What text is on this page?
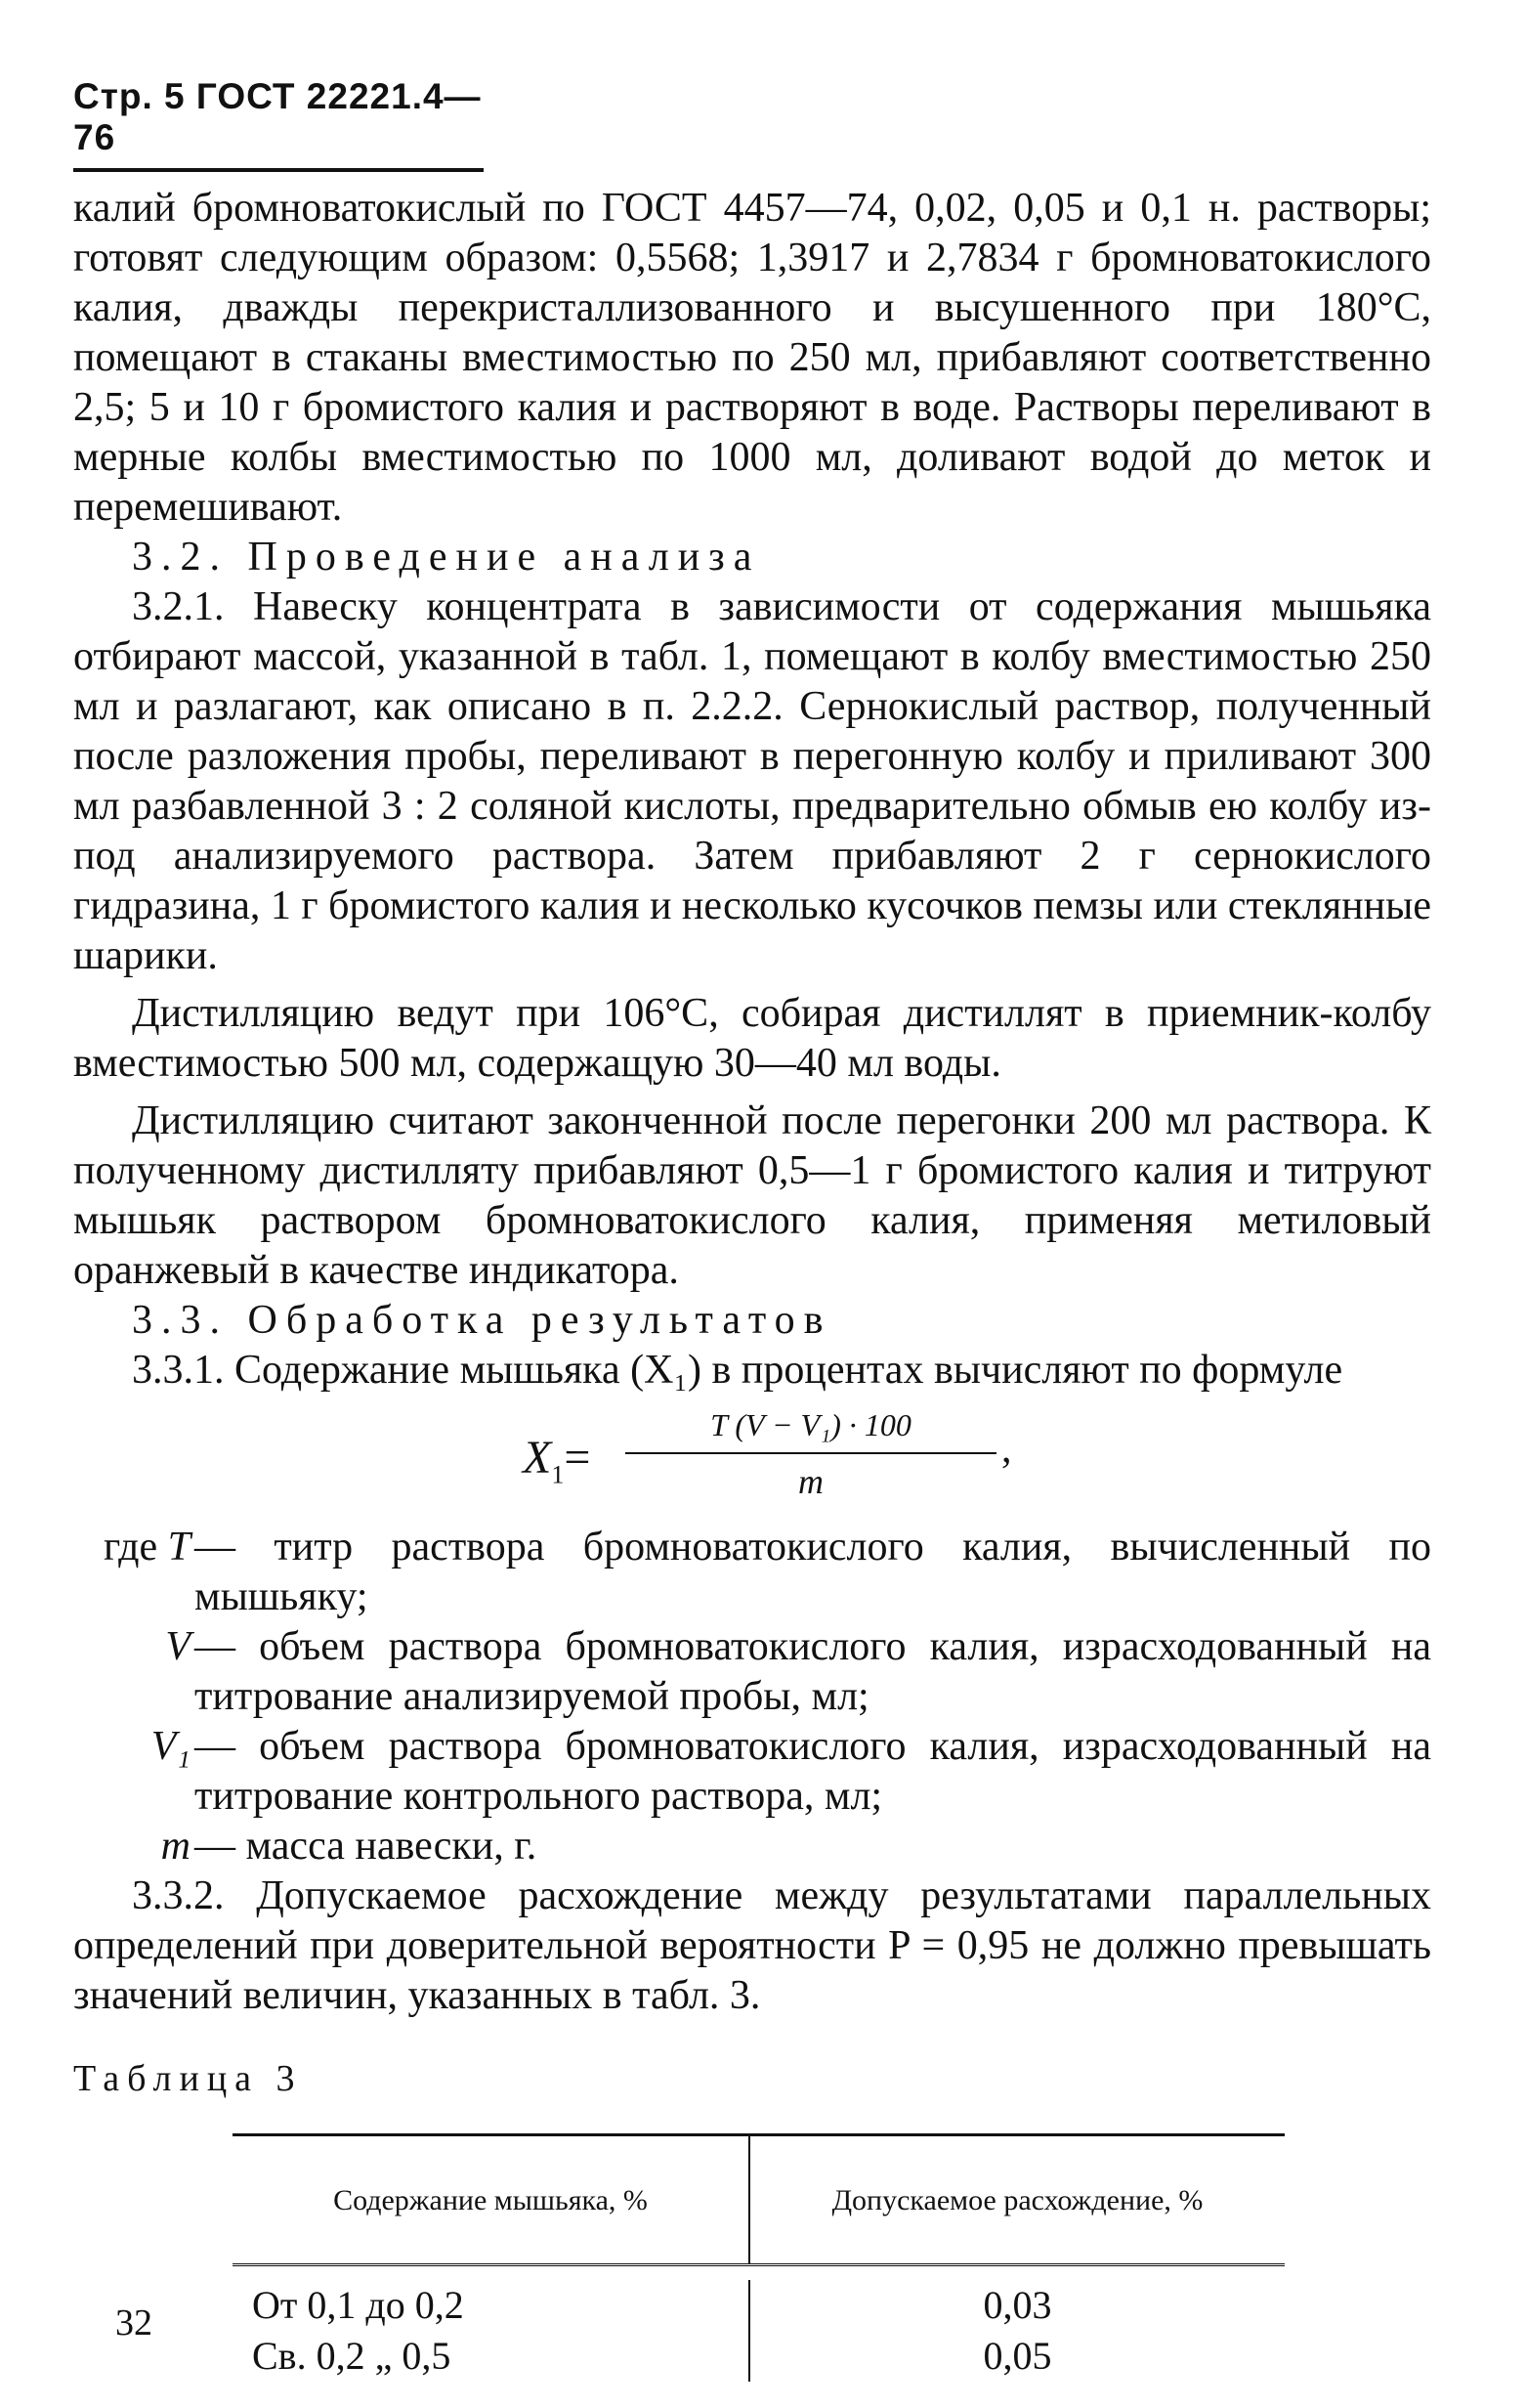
Стр. 5 ГОСТ 22221.4—76

калий бромноватокислый по ГОСТ 4457—74, 0,02, 0,05 и 0,1 н. растворы; готовят следующим образом: 0,5568; 1,3917 и 2,7834 г бромноватокислого калия, дважды перекристаллизованного и высушенного при 180°С, помещают в стаканы вместимостью по 250 мл, прибавляют соответственно 2,5; 5 и 10 г бромистого калия и растворяют в воде. Растворы переливают в мерные колбы вместимостью по 1000 мл, доливают водой до меток и перемешивают.

3.2. Проведение анализа

3.2.1. Навеску концентрата в зависимости от содержания мышьяка отбирают массой, указанной в табл. 1, помещают в колбу вместимостью 250 мл и разлагают, как описано в п. 2.2.2. Сернокислый раствор, полученный после разложения пробы, переливают в перегонную колбу и приливают 300 мл разбавленной 3 : 2 соляной кислоты, предварительно обмыв ею колбу из-под анализируемого раствора. Затем прибавляют 2 г сернокислого гидразина, 1 г бромистого калия и несколько кусочков пемзы или стеклянные шарики.

Дистилляцию ведут при 106°С, собирая дистиллят в приемник-колбу вместимостью 500 мл, содержащую 30—40 мл воды.

Дистилляцию считают законченной после перегонки 200 мл раствора. К полученному дистилляту прибавляют 0,5—1 г бромистого калия и титруют мышьяк раствором бромноватокислого калия, применяя метиловый оранжевый в качестве индикатора.

3.3. Обработка результатов

3.3.1. Содержание мышьяка (X₁) в процентах вычисляют по формуле

$X_1= \frac{\text{T (V − V₁) · 100}}{m}$ ,
где T — титр раствора бромноватокислого калия, вычисленный по мышьяку;
V — объем раствора бромноватокислого калия, израсходованный на титрование анализируемой пробы, мл;
V₁ — объем раствора бромноватокислого калия, израсходованный на титрование контрольного раствора, мл;
m — масса навески, г.

3.3.2. Допускаемое расхождение между результатами параллельных определений при доверительной вероятности P = 0,95 не должно превышать значений величин, указанных в табл. 3.

Таблица 3

Содержание мышьяка, %	Допускаемое расхождение, %
От 0,1 до 0,2	0,03
Св. 0,2 „ 0,5	0,05
32
